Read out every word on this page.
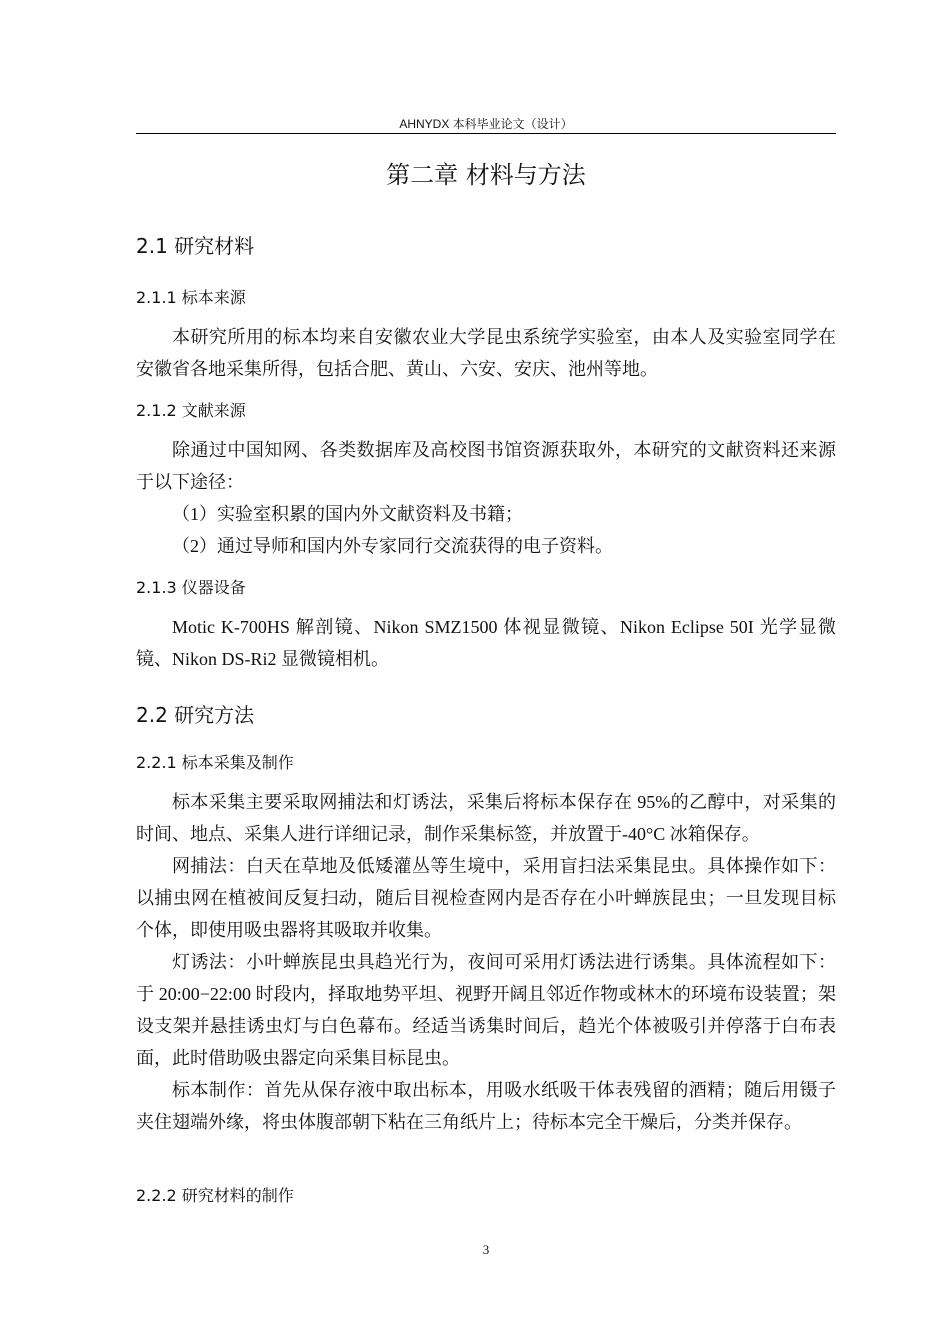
AHNYDX 本科毕业论文（设计）
第二章 材料与方法
2.1 研究材料
2.1.1 标本来源

本研究所用的标本均来自安徽农业大学昆虫系统学实验室，由本人及实验室同学在安徽省各地采集所得，包括合肥、黄山、六安、安庆、池州等地。

2.1.2 文献来源

除通过中国知网、各类数据库及高校图书馆资源获取外，本研究的文献资料还来源于以下途径：

（1）实验室积累的国内外文献资料及书籍；
（2）通过导师和国内外专家同行交流获得的电子资料。
2.1.3 仪器设备

Motic K-700HS 解剖镜、Nikon SMZ1500 体视显微镜、Nikon Eclipse 50I 光学显微镜、Nikon DS-Ri2 显微镜相机。

2.2 研究方法
2.2.1 标本采集及制作

标本采集主要采取网捕法和灯诱法，采集后将标本保存在 95%的乙醇中，对采集的时间、地点、采集人进行详细记录，制作采集标签，并放置于-40°C 冰箱保存。

网捕法：白天在草地及低矮灌丛等生境中，采用盲扫法采集昆虫。具体操作如下：以捕虫网在植被间反复扫动，随后目视检查网内是否存在小叶蝉族昆虫；一旦发现目标个体，即使用吸虫器将其吸取并收集。

灯诱法：小叶蝉族昆虫具趋光行为，夜间可采用灯诱法进行诱集。具体流程如下：于 20:00−22:00 时段内，择取地势平坦、视野开阔且邻近作物或林木的环境布设装置；架设支架并悬挂诱虫灯与白色幕布。经适当诱集时间后，趋光个体被吸引并停落于白布表面，此时借助吸虫器定向采集目标昆虫。

标本制作：首先从保存液中取出标本，用吸水纸吸干体表残留的酒精；随后用镊子夹住翅端外缘，将虫体腹部朝下粘在三角纸片上；待标本完全干燥后，分类并保存。

2.2.2 研究材料的制作
3
